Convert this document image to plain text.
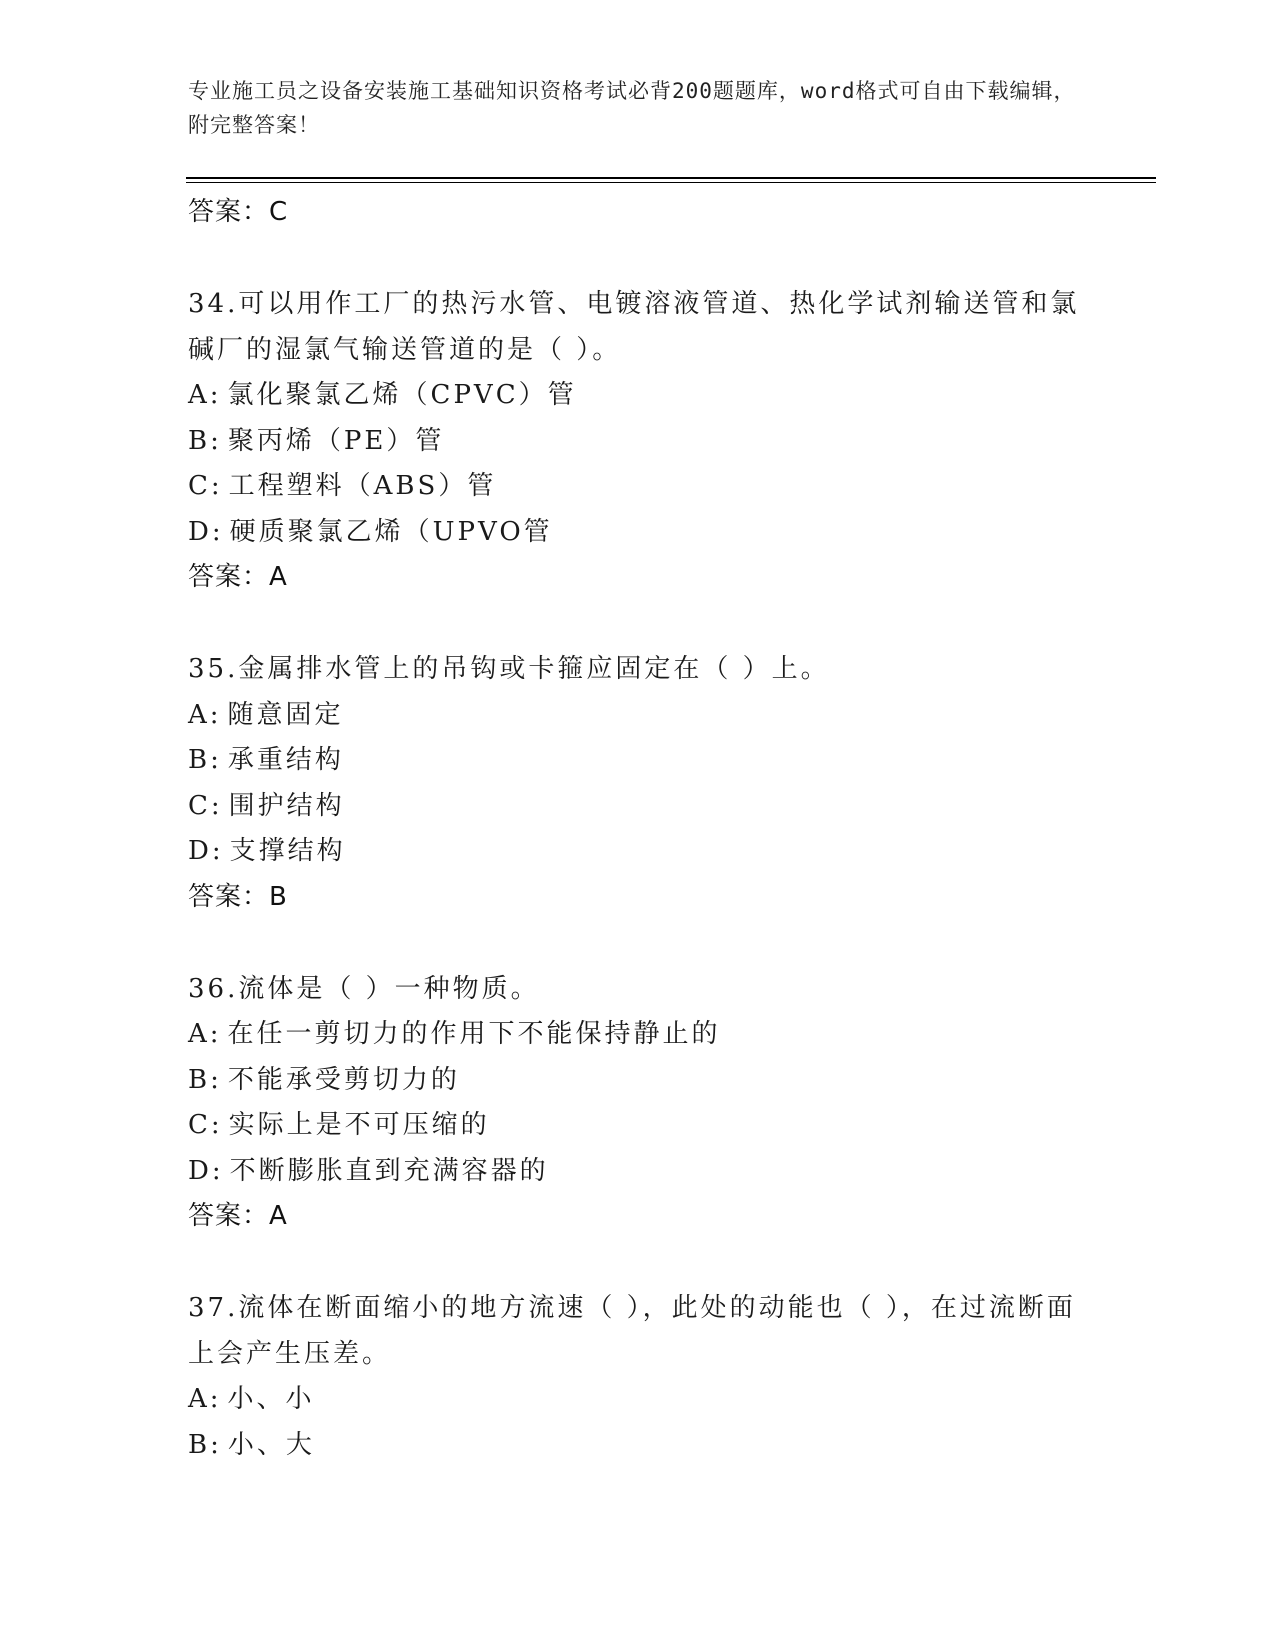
专业施工员之设备安装施工基础知识资格考试必背200题题库，word格式可自由下载编辑，附完整答案！
答案：C
34.可以用作工厂的热污水管、电镀溶液管道、热化学试剂输送管和氯碱厂的湿氯气输送管道的是（ ）。
A: 氯化聚氯乙烯（CPVC）管
B: 聚丙烯（PE）管
C: 工程塑料（ABS）管
D: 硬质聚氯乙烯（UPVO管
答案：A
35.金属排水管上的吊钩或卡箍应固定在（ ）上。
A: 随意固定
B: 承重结构
C: 围护结构
D: 支撑结构
答案：B
36.流体是（ ）一种物质。
A: 在任一剪切力的作用下不能保持静止的
B: 不能承受剪切力的
C: 实际上是不可压缩的
D: 不断膨胀直到充满容器的
答案：A
37.流体在断面缩小的地方流速（ ），此处的动能也（ ），在过流断面上会产生压差。
A: 小、小
B: 小、大
